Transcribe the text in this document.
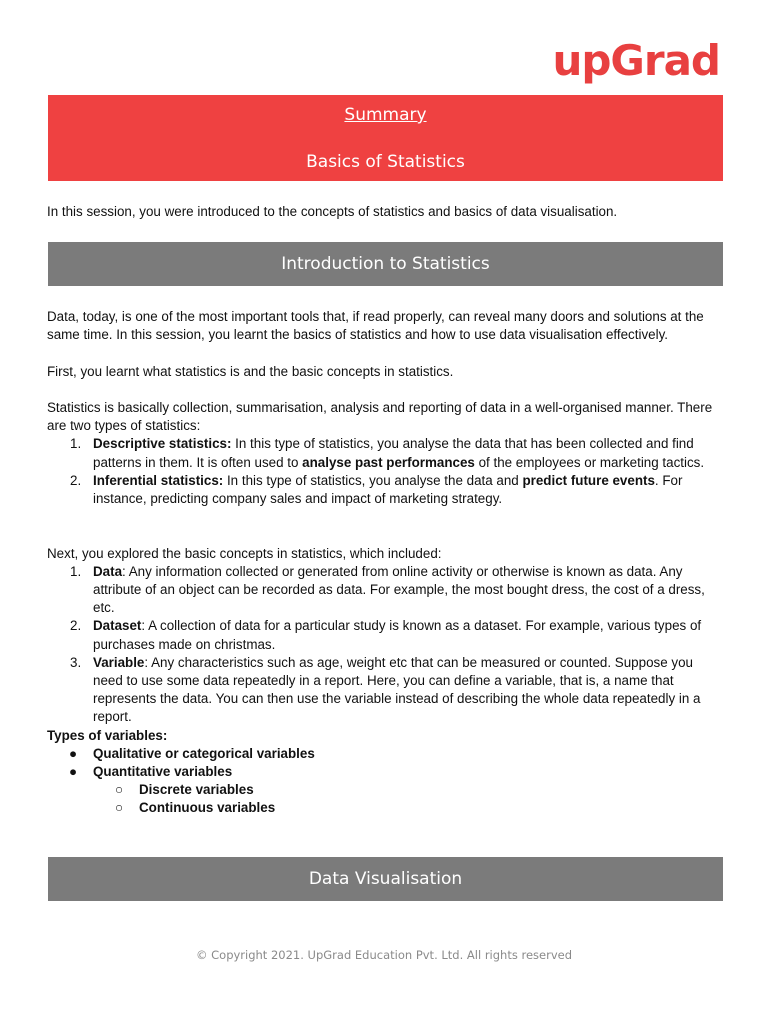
upGrad
Summary
Basics of Statistics
In this session, you were introduced to the concepts of statistics and basics of data visualisation.
Introduction to Statistics

Data, today, is one of the most important tools that, if read properly, can reveal many doors and solutions at the same time. In this session, you learnt the basics of statistics and how to use data visualisation effectively.

First, you learnt what statistics is and the basic concepts in statistics.

Statistics is basically collection, summarisation, analysis and reporting of data in a well-organised manner. There are two types of statistics:

1. Descriptive statistics: In this type of statistics, you analyse the data that has been collected and find patterns in them. It is often used to analyse past performances of the employees or marketing tactics.
2. Inferential statistics: In this type of statistics, you analyse the data and predict future events. For instance, predicting company sales and impact of marketing strategy.

Next, you explored the basic concepts in statistics, which included:

1. Data: Any information collected or generated from online activity or otherwise is known as data. Any attribute of an object can be recorded as data. For example, the most bought dress, the cost of a dress, etc.
2. Dataset: A collection of data for a particular study is known as a dataset. For example, various types of purchases made on christmas.
3. Variable: Any characteristics such as age, weight etc that can be measured or counted. Suppose you need to use some data repeatedly in a report. Here, you can define a variable, that is, a name that represents the data. You can then use the variable instead of describing the whole data repeatedly in a report.

Types of variables:

● Qualitative or categorical variables
● Quantitative variables
○ Discrete variables
○ Continuous variables
Data Visualisation
© Copyright 2021. UpGrad Education Pvt. Ltd. All rights reserved
